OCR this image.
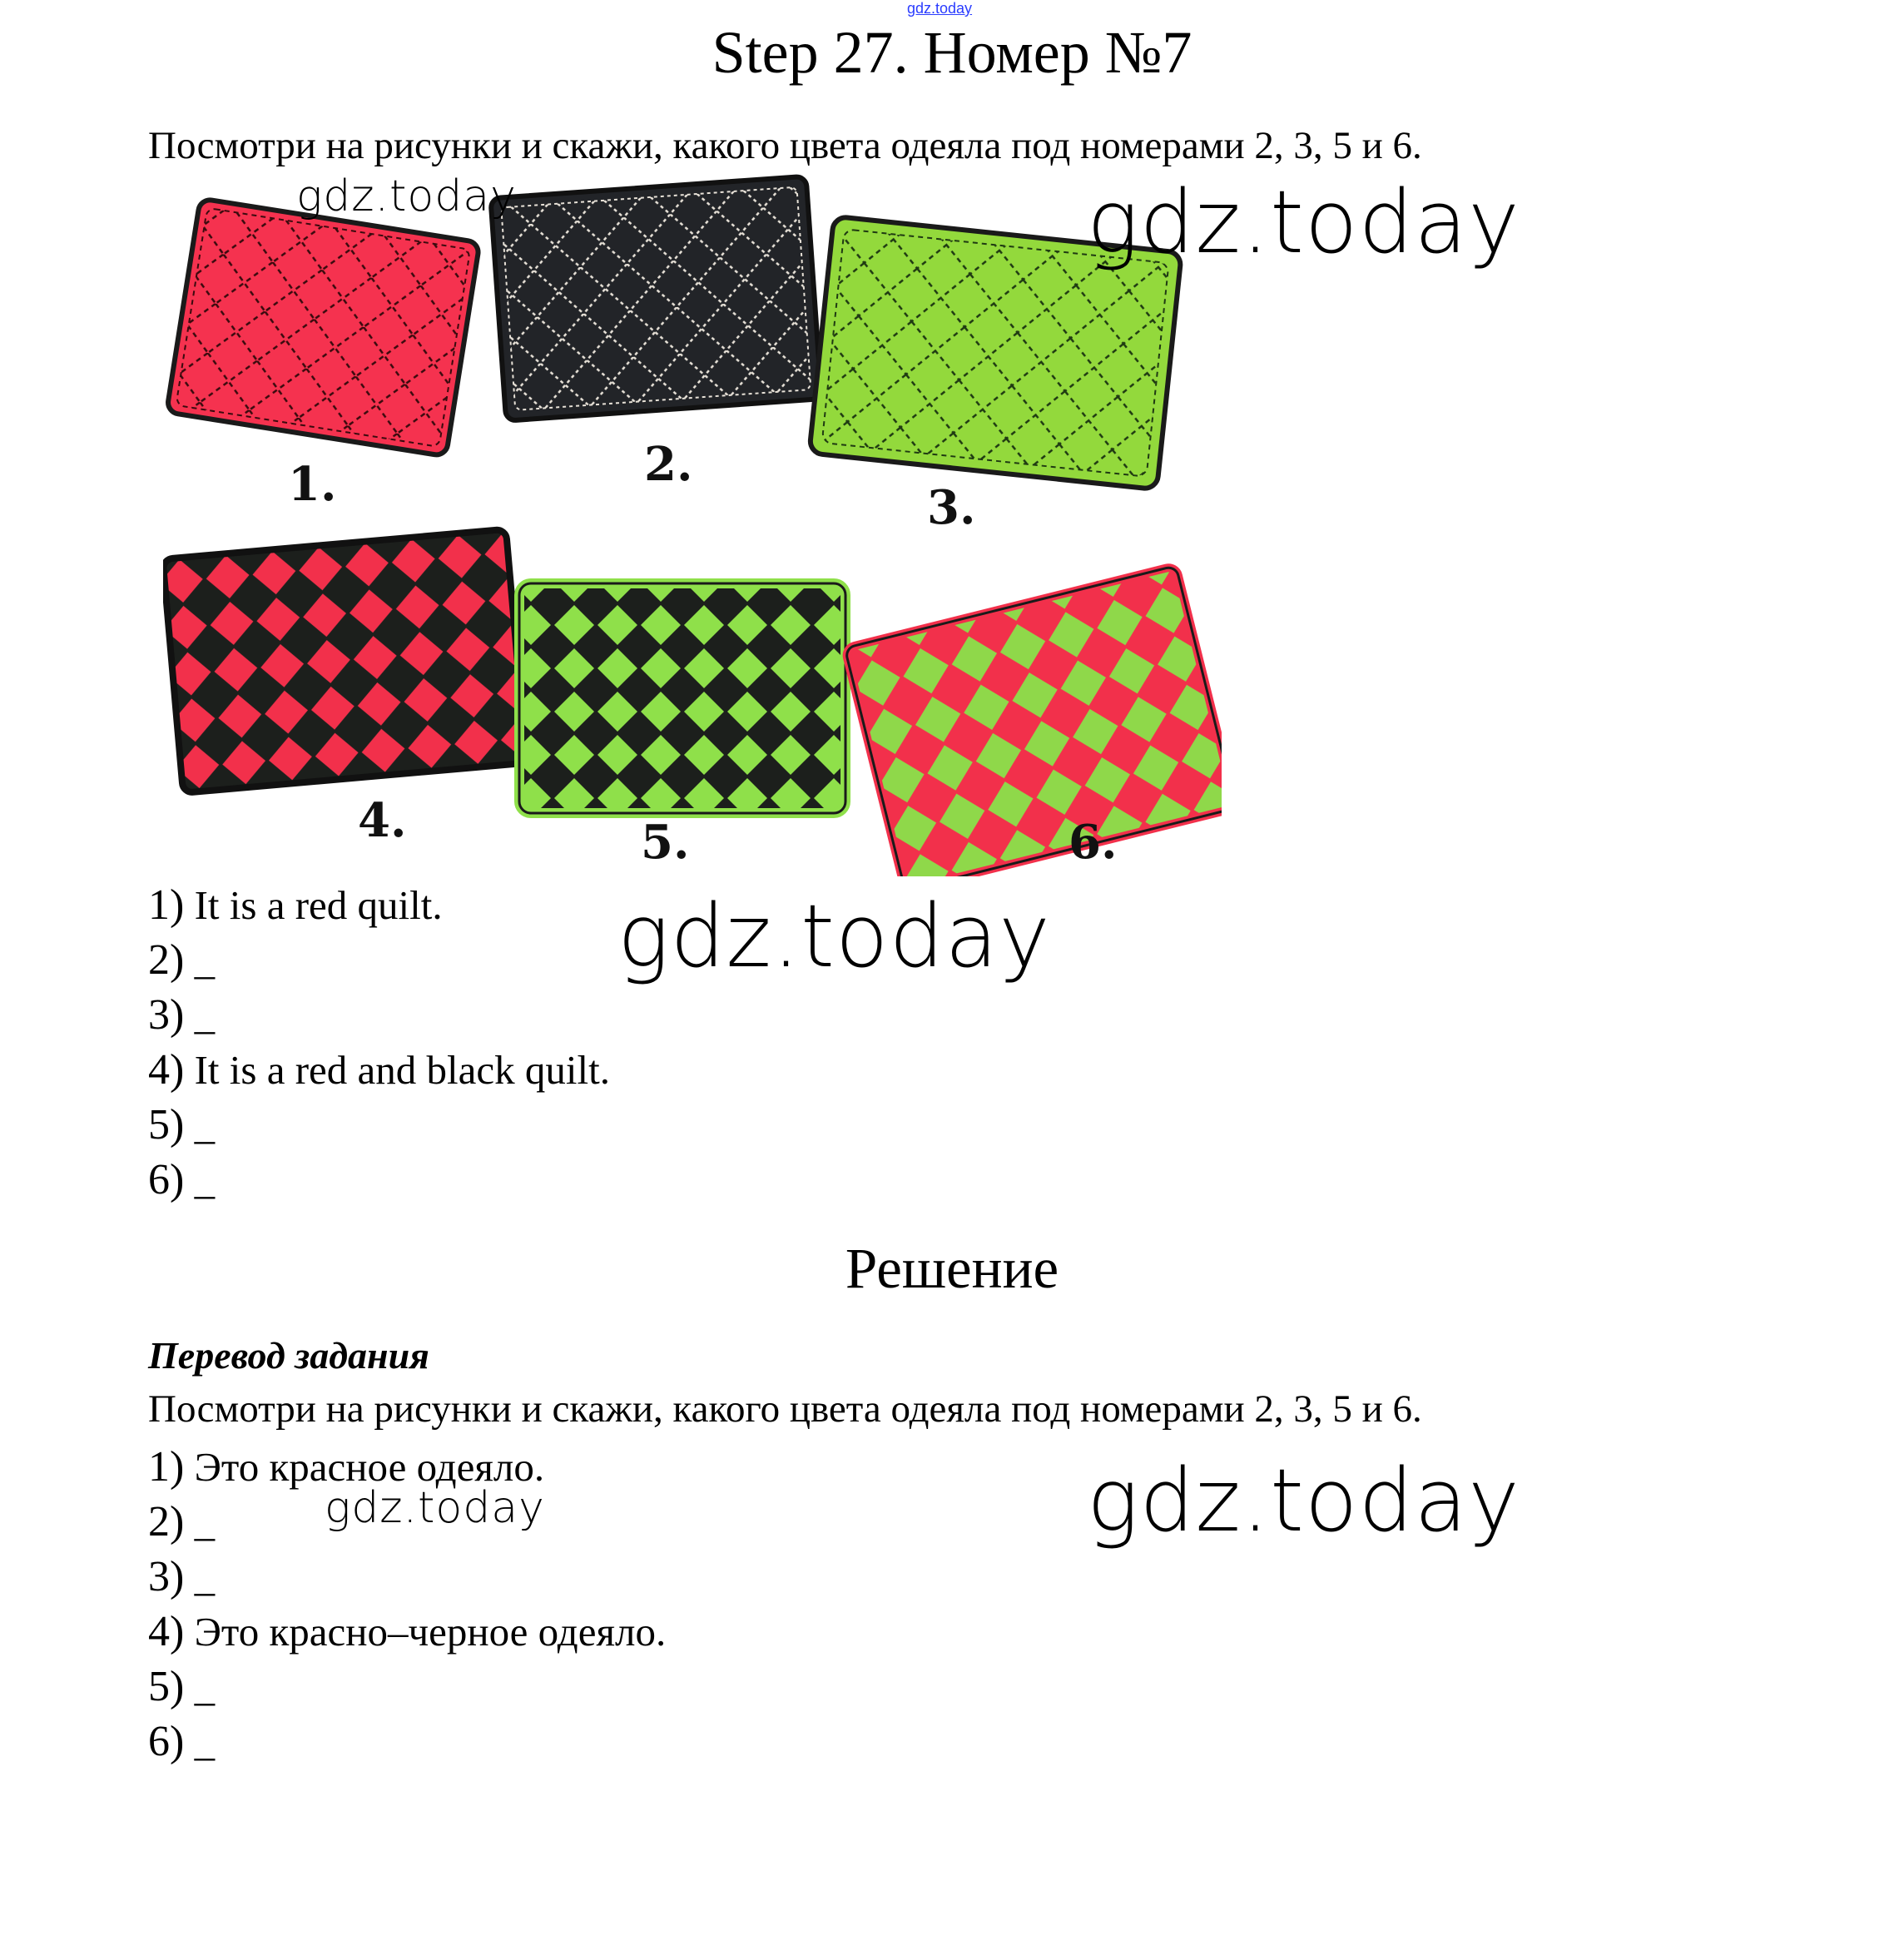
gdz.today
Step 27. Номер №7
Посмотри на рисунки и скажи, какого цвета одеяла под номерами 2, 3, 5 и 6.
1.	2.
3.
4.	5.	6.
1) It is a red quilt.
2) _
3) _
4) It is a red and black quilt.
5) _
6) _
Решение
Перевод задания
Посмотри на рисунки и скажи, какого цвета одеяла под номерами 2, 3, 5 и 6.
1) Это красное одеяло.
2) _
3) _
4) Это красно–черное одеяло.
5) _
6) _
gdz.today	gdz.today
gdz.today
gdz.today	gdz.today
